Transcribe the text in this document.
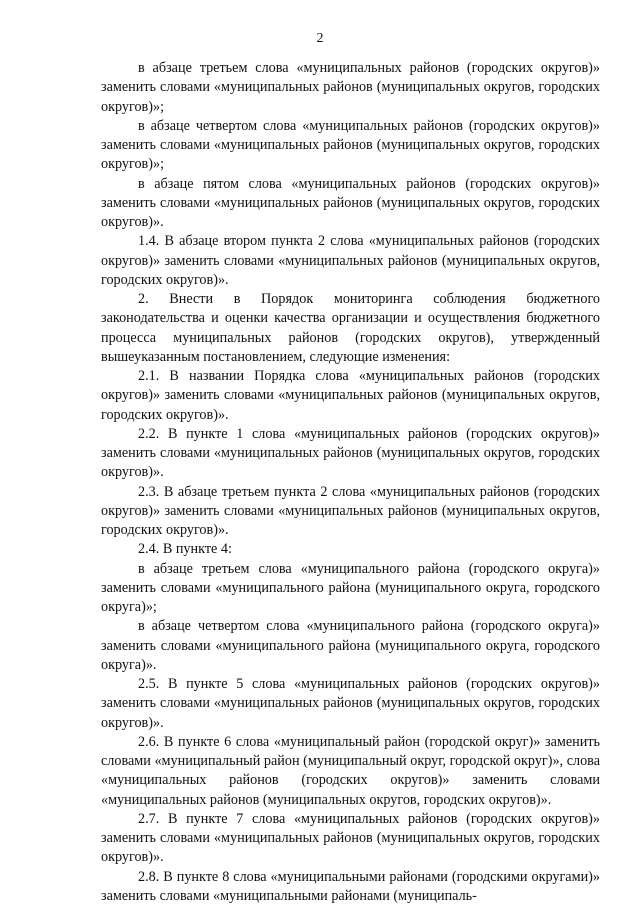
2

в абзаце третьем слова «муниципальных районов (городских округов)» заменить словами «муниципальных районов (муниципальных округов, городских округов)»;

в абзаце четвертом слова «муниципальных районов (городских округов)» заменить словами «муниципальных районов (муниципальных округов, городских округов)»;

в абзаце пятом слова «муниципальных районов (городских округов)» заменить словами «муниципальных районов (муниципальных округов, городских округов)».

1.4. В абзаце втором пункта 2 слова «муниципальных районов (городских округов)» заменить словами «муниципальных районов (муниципальных округов, городских округов)».

2. Внести в Порядок мониторинга соблюдения бюджетного законодательства и оценки качества организации и осуществления бюджетного процесса муниципальных районов (городских округов), утвержденный вышеуказанным постановлением, следующие изменения:

2.1. В названии Порядка слова «муниципальных районов (городских округов)» заменить словами «муниципальных районов (муниципальных округов, городских округов)».

2.2. В пункте 1 слова «муниципальных районов (городских округов)» заменить словами «муниципальных районов (муниципальных округов, городских округов)».

2.3. В абзаце третьем пункта 2 слова «муниципальных районов (городских округов)» заменить словами «муниципальных районов (муниципальных округов, городских округов)».

2.4. В пункте 4:

в абзаце третьем слова «муниципального района (городского округа)» заменить словами «муниципального района (муниципального округа, городского округа)»;

в абзаце четвертом слова «муниципального района (городского округа)» заменить словами «муниципального района (муниципального округа, городского округа)».

2.5. В пункте 5 слова «муниципальных районов (городских округов)» заменить словами «муниципальных районов (муниципальных округов, городских округов)».

2.6. В пункте 6 слова «муниципальный район (городской округ)» заменить словами «муниципальный район (муниципальный округ, городской округ)», слова «муниципальных районов (городских округов)» заменить словами «муниципальных районов (муниципальных округов, городских округов)».

2.7. В пункте 7 слова «муниципальных районов (городских округов)» заменить словами «муниципальных районов (муниципальных округов, городских округов)».

2.8. В пункте 8 слова «муниципальными районами (городскими округами)» заменить словами «муниципальными районами (муниципаль-
